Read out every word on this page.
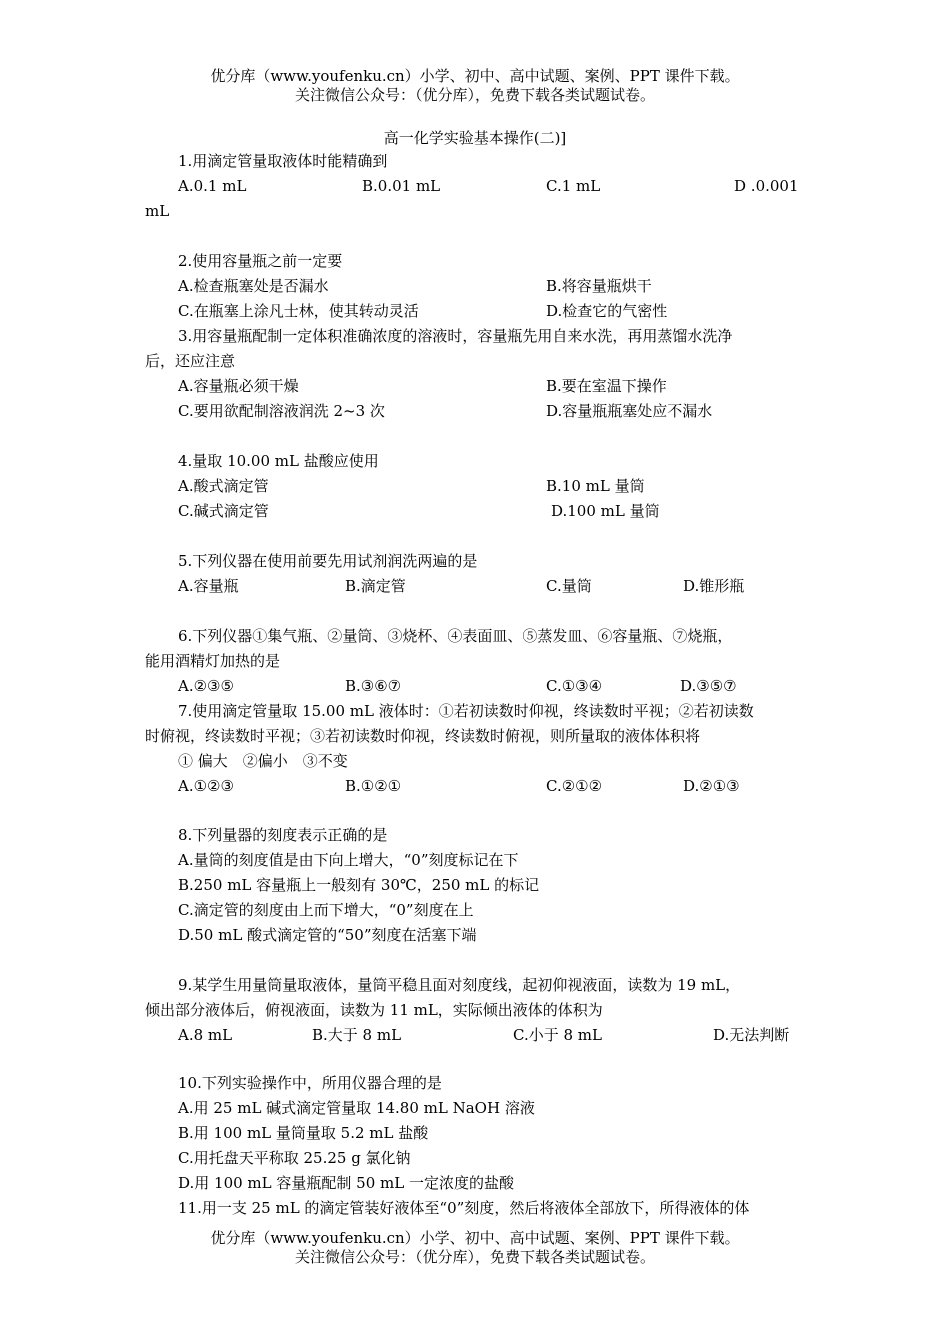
优分库（www.youfenku.cn）小学、初中、高中试题、案例、PPT 课件下载。
关注微信公众号：（优分库），免费下载各类试题试卷。
高一化学实验基本操作(二)]
1.用滴定管量取液体时能精确到
A.0.1 mL	B.0.01 mL	C.1 mL	D .0.001
mL
2.使用容量瓶之前一定要
A.检查瓶塞处是否漏水	B.将容量瓶烘干
C.在瓶塞上涂凡士林，使其转动灵活	D.检查它的气密性
3.用容量瓶配制一定体积准确浓度的溶液时，容量瓶先用自来水洗，再用蒸馏水洗净
后，还应注意
A.容量瓶必须干燥	B.要在室温下操作
C.要用欲配制溶液润洗 2~3 次	D.容量瓶瓶塞处应不漏水
4.量取 10.00 mL 盐酸应使用
A.酸式滴定管	B.10 mL 量筒
C.碱式滴定管	D.100 mL 量筒
5.下列仪器在使用前要先用试剂润洗两遍的是
A.容量瓶	B.滴定管	C.量筒	D.锥形瓶
6.下列仪器①集气瓶、②量筒、③烧杯、④表面皿、⑤蒸发皿、⑥容量瓶、⑦烧瓶，
能用酒精灯加热的是
A.②③⑤	B.③⑥⑦	C.①③④	D.③⑤⑦
7.使用滴定管量取 15.00 mL 液体时：①若初读数时仰视，终读数时平视；②若初读数
时俯视，终读数时平视；③若初读数时仰视，终读数时俯视，则所量取的液体体积将
① 偏大　②偏小　③不变
A.①②③	B.①②①	C.②①②	D.②①③
8.下列量器的刻度表示正确的是
A.量筒的刻度值是由下向上增大，“0”刻度标记在下
B.250 mL 容量瓶上一般刻有 30℃，250 mL 的标记
C.滴定管的刻度由上而下增大，“0”刻度在上
D.50 mL 酸式滴定管的“50”刻度在活塞下端
9.某学生用量筒量取液体，量筒平稳且面对刻度线，起初仰视液面，读数为 19 mL，
倾出部分液体后，俯视液面，读数为 11 mL，实际倾出液体的体积为
A.8 mL	B.大于 8 mL	C.小于 8 mL	D.无法判断
10.下列实验操作中，所用仪器合理的是
A.用 25 mL 碱式滴定管量取 14.80 mL NaOH 溶液
B.用 100 mL 量筒量取 5.2 mL 盐酸
C.用托盘天平称取 25.25 g 氯化钠
D.用 100 mL 容量瓶配制 50 mL 一定浓度的盐酸
11.用一支 25 mL 的滴定管装好液体至“0”刻度，然后将液体全部放下，所得液体的体
优分库（www.youfenku.cn）小学、初中、高中试题、案例、PPT 课件下载。
关注微信公众号：（优分库），免费下载各类试题试卷。
